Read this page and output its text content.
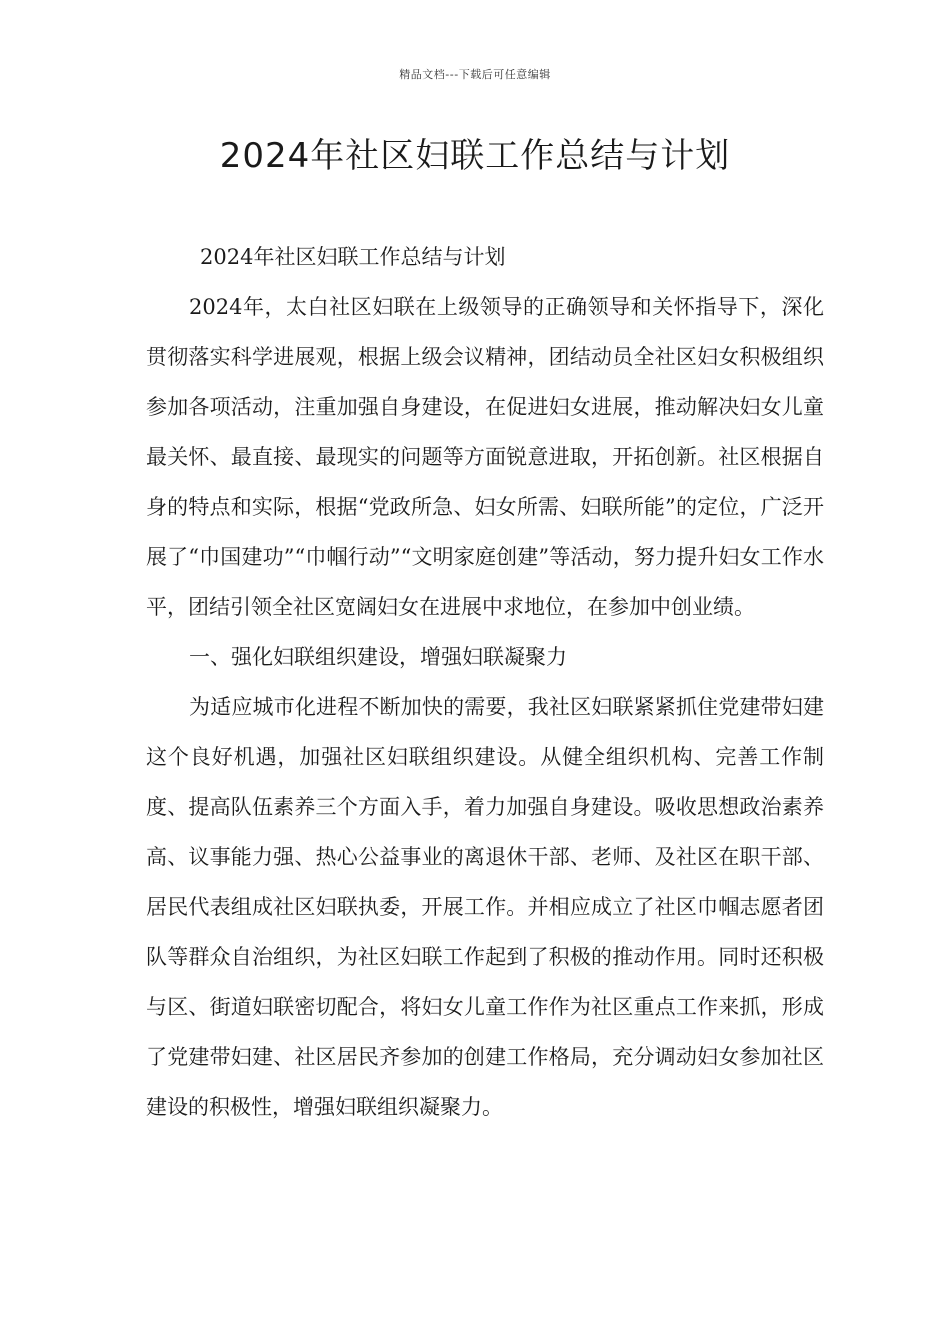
精品文档---下载后可任意编辑
2024年社区妇联工作总结与计划

2024年社区妇联工作总结与计划

2024年，太白社区妇联在上级领导的正确领导和关怀指导下，深化贯彻落实科学进展观，根据上级会议精神，团结动员全社区妇女积极组织参加各项活动，注重加强自身建设，在促进妇女进展，推动解决妇女儿童最关怀、最直接、最现实的问题等方面锐意进取，开拓创新。社区根据自身的特点和实际，根据“党政所急、妇女所需、妇联所能”的定位，广泛开展了“巾国建功”“巾帼行动”“文明家庭创建”等活动，努力提升妇女工作水平，团结引领全社区宽阔妇女在进展中求地位，在参加中创业绩。

一、强化妇联组织建设，增强妇联凝聚力

为适应城市化进程不断加快的需要，我社区妇联紧紧抓住党建带妇建这个良好机遇，加强社区妇联组织建设。从健全组织机构、完善工作制度、提高队伍素养三个方面入手，着力加强自身建设。吸收思想政治素养高、议事能力强、热心公益事业的离退休干部、老师、及社区在职干部、居民代表组成社区妇联执委，开展工作。并相应成立了社区巾帼志愿者团队等群众自治组织，为社区妇联工作起到了积极的推动作用。同时还积极与区、街道妇联密切配合，将妇女儿童工作作为社区重点工作来抓，形成了党建带妇建、社区居民齐参加的创建工作格局，充分调动妇女参加社区建设的积极性，增强妇联组织凝聚力。
